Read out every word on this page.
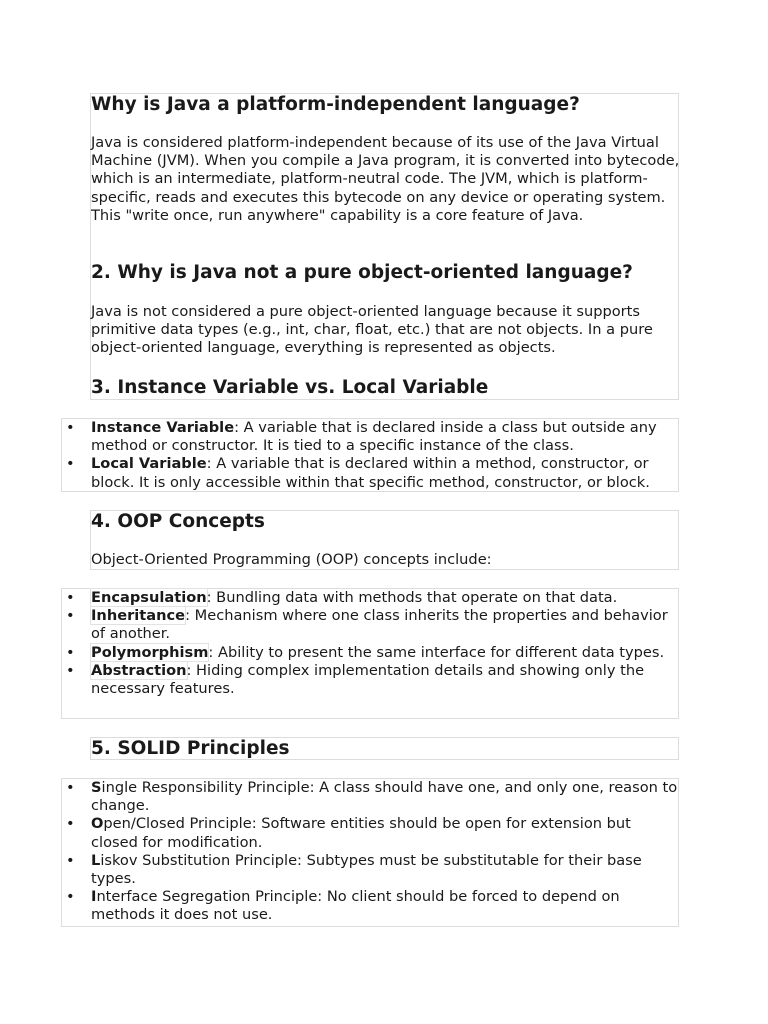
Why is Java a platform-independent language?

Java is considered platform-independent because of its use of the Java Virtual Machine (JVM). When you compile a Java program, it is converted into bytecode, which is an intermediate, platform-neutral code. The JVM, which is platform-specific, reads and executes this bytecode on any device or operating system. This "write once, run anywhere" capability is a core feature of Java.

2. Why is Java not a pure object-oriented language?

Java is not considered a pure object-oriented language because it supports primitive data types (e.g., int, char, float, etc.) that are not objects. In a pure object-oriented language, everything is represented as objects.

3. Instance Variable vs. Local Variable
• Instance Variable: A variable that is declared inside a class but outside any method or constructor. It is tied to a specific instance of the class.
• Local Variable: A variable that is declared within a method, constructor, or block. It is only accessible within that specific method, constructor, or block.
4. OOP Concepts

Object-Oriented Programming (OOP) concepts include:

• Encapsulation: Bundling data with methods that operate on that data.
• Inheritance: Mechanism where one class inherits the properties and behavior of another.
• Polymorphism: Ability to present the same interface for different data types.
• Abstraction: Hiding complex implementation details and showing only the necessary features.
5. SOLID Principles
• Single Responsibility Principle: A class should have one, and only one, reason to change.
• Open/Closed Principle: Software entities should be open for extension but closed for modification.
• Liskov Substitution Principle: Subtypes must be substitutable for their base types.
• Interface Segregation Principle: No client should be forced to depend on methods it does not use.
